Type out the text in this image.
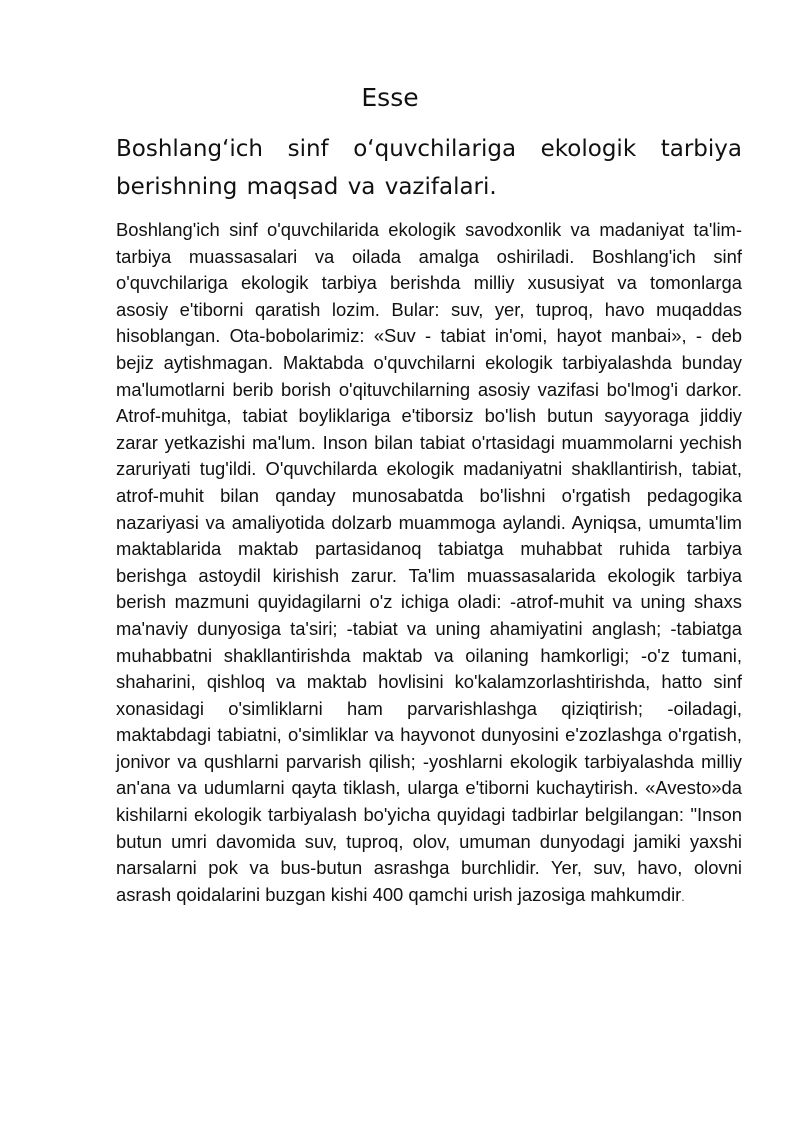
Esse
Boshlang‘ich sinf o‘quvchilariga ekologik tarbiya berishning maqsad va vazifalari.

Boshlang'ich sinf o'quvchilarida ekologik savodxonlik va madaniyat ta'lim-tarbiya muassasalari va oilada amalga oshiriladi. Boshlang'ich sinf o'quvchilariga ekologik tarbiya berishda milliy xususiyat va tomonlarga asosiy e'tiborni qaratish lozim. Bular: suv, yer, tuproq, havo muqaddas hisoblangan. Ota-bobolarimiz: «Suv - tabiat in'omi, hayot manbai», - deb bejiz aytishmagan. Maktabda o'quvchilarni ekologik tarbiyalashda bunday ma'lumotlarni berib borish o'qituvchilarning asosiy vazifasi bo'lmog'i darkor. Atrof-muhitga, tabiat boyliklariga e'tiborsiz bo'lish butun sayyoraga jiddiy zarar yetkazishi ma'lum. Inson bilan tabiat o'rtasidagi muammolarni yechish zaruriyati tug'ildi. O'quvchilarda ekologik madaniyatni shakllantirish, tabiat, atrof-muhit bilan qanday munosabatda bo'lishni o'rgatish pedagogika nazariyasi va amaliyotida dolzarb muammoga aylandi. Ayniqsa, umumta'lim maktablarida maktab partasidanoq tabiatga muhabbat ruhida tarbiya berishga astoydil kirishish zarur. Ta'lim muassasalarida ekologik tarbiya berish mazmuni quyidagilarni o'z ichiga oladi: -atrof-muhit va uning shaxs ma'naviy dunyosiga ta'siri; -tabiat va uning ahamiyatini anglash; -tabiatga muhabbatni shakllantirishda maktab va oilaning hamkorligi; -o'z tumani, shaharini, qishloq va maktab hovlisini ko'kalamzorlashtirishda, hatto sinf xonasidagi o'simliklarni ham parvarishlashga qiziqtirish; -oiladagi, maktabdagi tabiatni, o'simliklar va hayvonot dunyosini e'zozlashga o'rgatish, jonivor va qushlarni parvarish qilish; -yoshlarni ekologik tarbiyalashda milliy an'ana va udumlarni qayta tiklash, ularga e'tiborni kuchaytirish. «Avesto»da kishilarni ekologik tarbiyalash bo'yicha quyidagi tadbirlar belgilangan: "Inson butun umri davomida suv, tuproq, olov, umuman dunyodagi jamiki yaxshi narsalarni pok va bus-butun asrashga burchlidir. Yer, suv, havo, olovni asrash qoidalarini buzgan kishi 400 qamchi urish jazosiga mahkumdir.
